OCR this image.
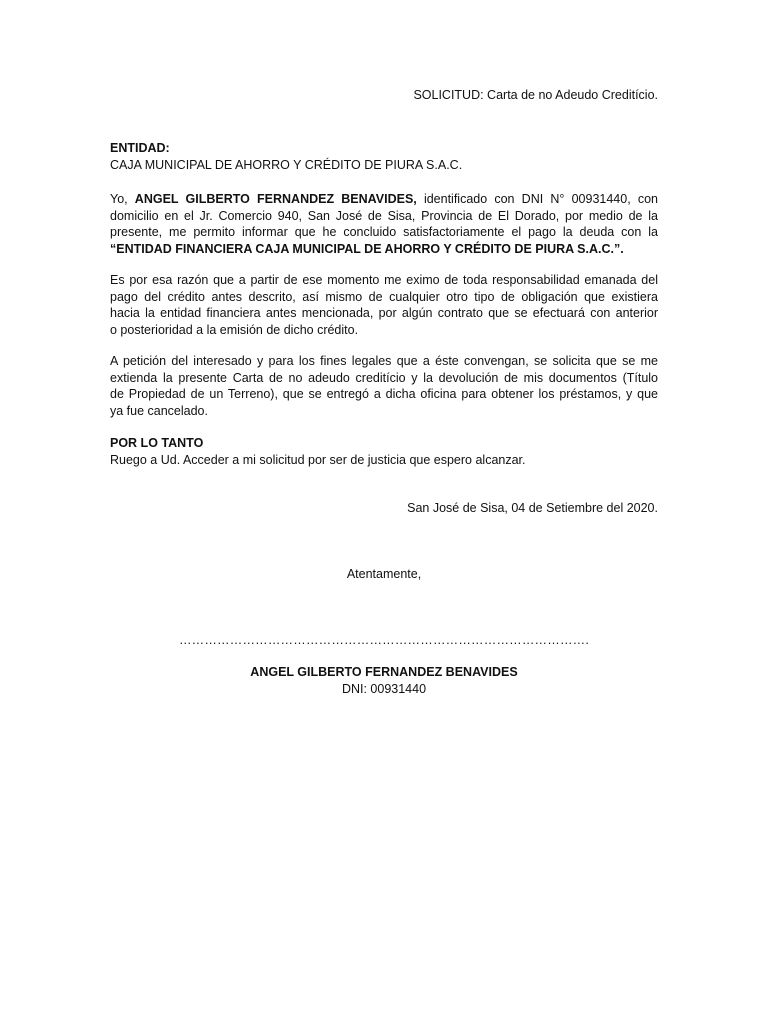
SOLICITUD: Carta de no Adeudo Creditício.

ENTIDAD:

CAJA MUNICIPAL DE AHORRO Y CRÉDITO DE PIURA S.A.C.

Yo, ANGEL GILBERTO FERNANDEZ BENAVIDES, identificado con DNI N° 00931440, con
domicilio en el Jr. Comercio 940, San José de Sisa, Provincia de El Dorado, por medio de la
presente, me permito informar que he concluido satisfactoriamente el pago la deuda con la
“ENTIDAD FINANCIERA CAJA MUNICIPAL DE AHORRO Y CRÉDITO DE PIURA S.A.C.”.
Es por esa razón que a partir de ese momento me eximo de toda responsabilidad emanada del
pago del crédito antes descrito, así mismo de cualquier otro tipo de obligación que existiera
hacia la entidad financiera antes mencionada, por algún contrato que se efectuará con anterior
o posterioridad a la emisión de dicho crédito.
A petición del interesado y para los fines legales que a éste convengan, se solicita que se me
extienda la presente Carta de no adeudo creditício y la devolución de mis documentos (Título
de Propiedad de un Terreno), que se entregó a dicha oficina para obtener los préstamos, y que
ya fue cancelado.

POR LO TANTO

Ruego a Ud. Acceder a mi solicitud por ser de justicia que espero alcanzar.

San José de Sisa, 04 de Setiembre del 2020.

Atentamente,

…………………………………………………………………………………….

ANGEL GILBERTO FERNANDEZ BENAVIDES

DNI: 00931440
